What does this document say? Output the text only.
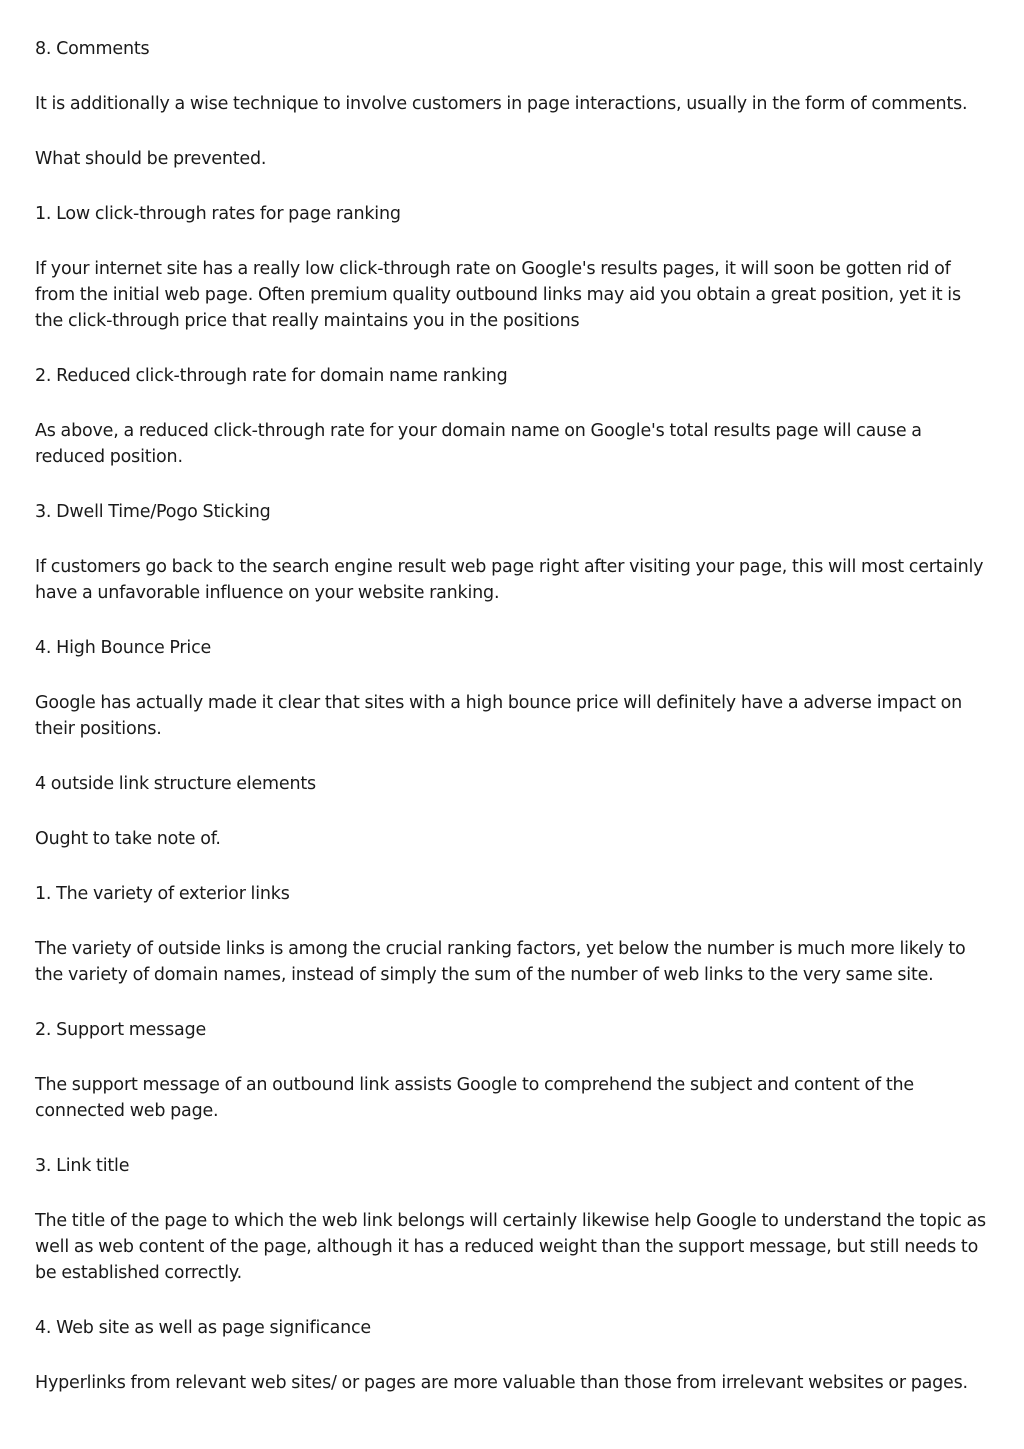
8. Comments

It is additionally a wise technique to involve customers in page interactions, usually in the form of comments.

What should be prevented.

1. Low click-through rates for page ranking

If your internet site has a really low click-through rate on Google's results pages, it will soon be gotten rid of from the initial web page. Often premium quality outbound links may aid you obtain a great position, yet it is the click-through price that really maintains you in the positions

2. Reduced click-through rate for domain name ranking

As above, a reduced click-through rate for your domain name on Google's total results page will cause a reduced position.

3. Dwell Time/Pogo Sticking

If customers go back to the search engine result web page right after visiting your page, this will most certainly have a unfavorable influence on your website ranking.

4. High Bounce Price

Google has actually made it clear that sites with a high bounce price will definitely have a adverse impact on their positions.

4 outside link structure elements

Ought to take note of.

1. The variety of exterior links

The variety of outside links is among the crucial ranking factors, yet below the number is much more likely to the variety of domain names, instead of simply the sum of the number of web links to the very same site.

2. Support message

The support message of an outbound link assists Google to comprehend the subject and content of the connected web page.

3. Link title

The title of the page to which the web link belongs will certainly likewise help Google to understand the topic as well as web content of the page, although it has a reduced weight than the support message, but still needs to be established correctly.

4. Web site as well as page significance

Hyperlinks from relevant web sites/ or pages are more valuable than those from irrelevant websites or pages.
